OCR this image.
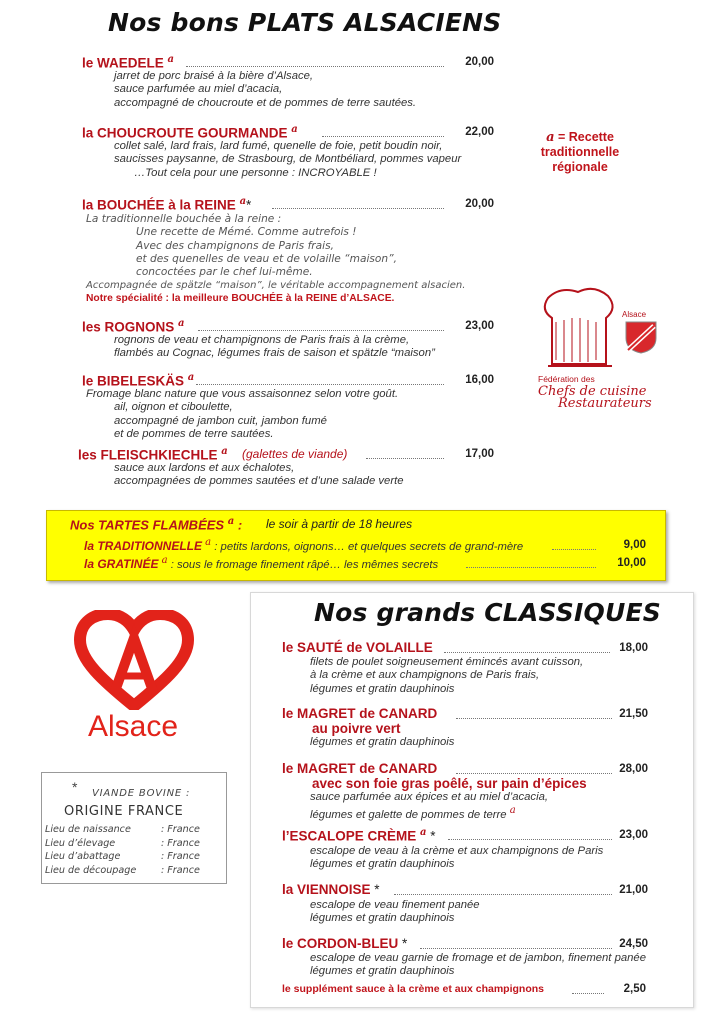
Nos bons PLATS ALSACIENS
le WAEDELE $^a$	20,00
jarret de porc braisé à la bière d’Alsace,
sauce parfumée au miel d’acacia,
accompagné de choucroute et de pommes de terre sautées.
la CHOUCROUTE GOURMANDE $^a$	22,00
collet salé, lard frais, lard fumé, quenelle de foie, petit boudin noir,
saucisses paysanne, de Strasbourg, de Montbéliard, pommes vapeur
…Tout cela pour une personne : INCROYABLE !
la BOUCHÉE à la REINE $^a$*	20,00
La traditionnelle bouchée à la reine :
Une recette de Mémé. Comme autrefois !
Avec des champignons de Paris frais,
et des quenelles de veau et de volaille “maison”,
concoctées par le chef lui-même.
Accompagnée de spätzle “maison”, le véritable accompagnement alsacien.
Notre spécialité : la meilleure BOUCHÉE à la REINE d’ALSACE.
les ROGNONS $^a$	23,00
rognons de veau et champignons de Paris frais à la crème,
flambés au Cognac, légumes frais de saison et spätzle “maison”
le BIBELESKÄS $^a$	16,00
Fromage blanc nature que vous assaisonnez selon votre goût.
ail, oignon et ciboulette,
accompagné de jambon cuit, jambon fumé
et de pommes de terre sautées.
les FLEISCHKIECHLE $^a$ (galettes de viande)	17,00
sauce aux lardons et aux échalotes,
accompagnées de pommes sautées et d’une salade verte
a = Recette
traditionnelle
régionale
Alsace
Fédération des
Chefs de cuisine
Restaurateurs
Nos TARTES FLAMBÉES $^a$ : le soir à partir de 18 heures
la TRADITIONNELLE a : petits lardons, oignons… et quelques secrets de grand-mère	9,00
la GRATINÉE a : sous le fromage finement râpé… les mêmes secrets	10,00
Alsace
* VIANDE BOVINE :
ORIGINE FRANCE
Lieu de naissance	: France
Lieu d’élevage	: France
Lieu d’abattage	: France
Lieu de découpage	: France
Nos grands CLASSIQUES
le SAUTÉ de VOLAILLE	18,00
filets de poulet soigneusement émincés avant cuisson,
à la crème et aux champignons de Paris frais,
légumes et gratin dauphinois
le MAGRET de CANARD	21,50
au poivre vert
légumes et gratin dauphinois
le MAGRET de CANARD	28,00
avec son foie gras poêlé, sur pain d’épices
sauce parfumée aux épices et au miel d’acacia,
légumes et galette de pommes de terre a
l’ESCALOPE CRÈME $^a$ *	23,00
escalope de veau à la crème et aux champignons de Paris
légumes et gratin dauphinois
la VIENNOISE *	21,00
escalope de veau finement panée
légumes et gratin dauphinois
le CORDON-BLEU *	24,50
escalope de veau garnie de fromage et de jambon, finement panée
légumes et gratin dauphinois
le supplément sauce à la crème et aux champignons	2,50
